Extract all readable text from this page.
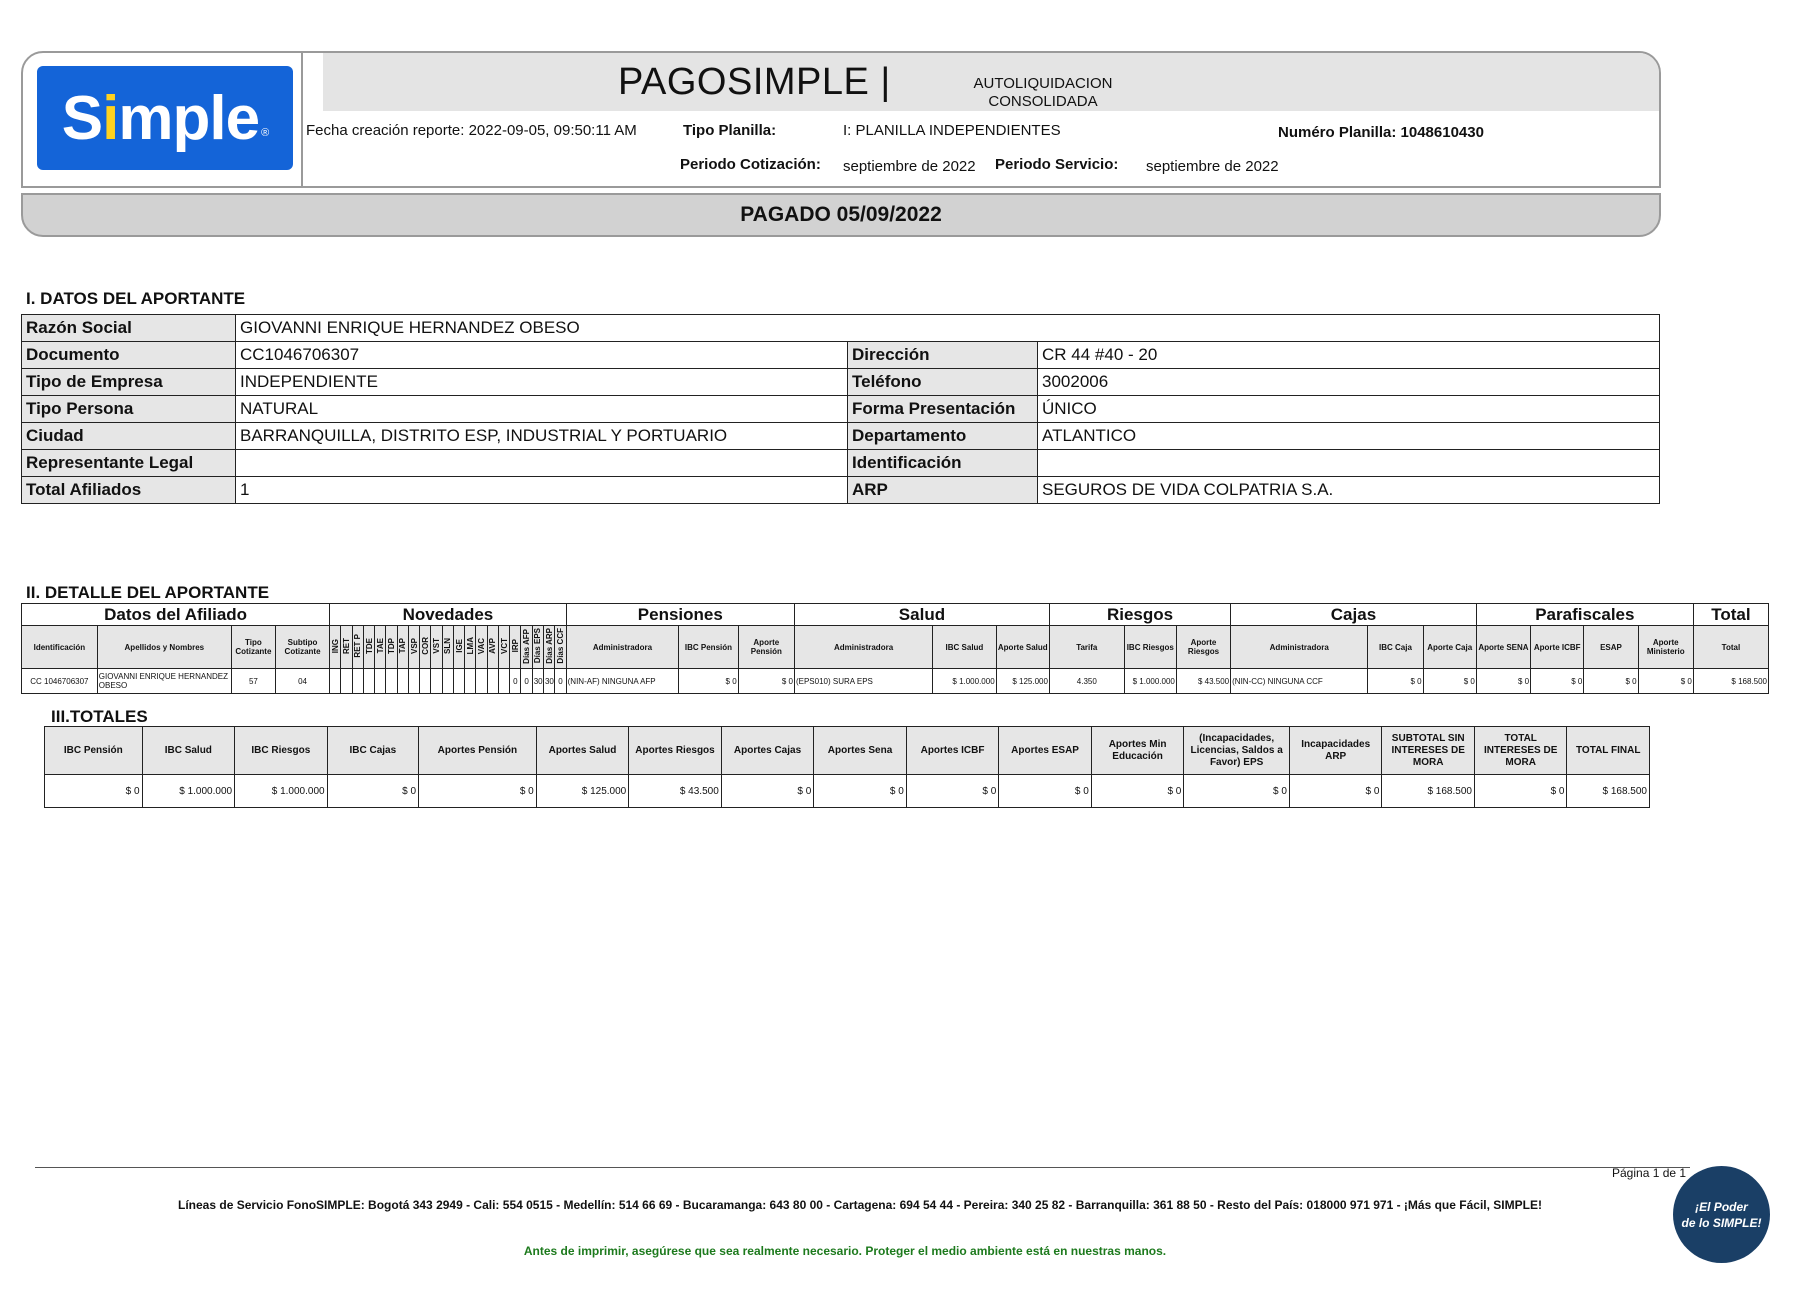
S i mple$_®$
PAGOSIMPLE |	AUTOLIQUIDACION
CONSOLIDADA
Fecha creación reporte: 2022-09-05, 09:50:11 AM	Tipo Planilla:	I: PLANILLA INDEPENDIENTES	Numéro Planilla: 1048610430
Periodo Cotización: septiembre de 2022 Periodo Servicio: septiembre de 2022
PAGADO 05/09/2022
I. DATOS DEL APORTANTE
Razón Social	GIOVANNI ENRIQUE HERNANDEZ OBESO		
Documento	CC1046706307	Dirección	CR 44 #40 - 20
Tipo de Empresa	INDEPENDIENTE	Teléfono	3002006
Tipo Persona	NATURAL	Forma Presentación	ÚNICO
Ciudad	BARRANQUILLA, DISTRITO ESP, INDUSTRIAL Y PORTUARIO	Departamento	ATLANTICO
Representante Legal		Identificación	
Total Afiliados	1	ARP	SEGUROS DE VIDA COLPATRIA S.A.
II. DETALLE DEL APORTANTE
Datos del Afiliado				Novedades																					Pensiones			Salud			Riesgos			Cajas			Parafiscales				Total
Identificación	Apellidos y Nombres	Tipo Cotizante	Subtipo Cotizante	ING	RET	RET P	TDE	TAE	TDP	TAP	VSP	COR	VST	SLN	IGE	LMA	VAC	AVP	VCT	IRP	Días AFP	Días EPS	Días ARP	Días CCF	Administradora	IBC Pensión	Aporte Pensión	Administradora	IBC Salud	Aporte Salud	Tarifa	IBC Riesgos	Aporte Riesgos	Administradora	IBC Caja	Aporte Caja	Aporte SENA	Aporte ICBF	ESAP	Aporte Ministerio	Total
CC 1046706307	GIOVANNI ENRIQUE HERNANDEZ OBESO	57	04																	0	0	30	30	0	(NIN-AF) NINGUNA AFP	$ 0	$ 0	(EPS010) SURA EPS	$ 1.000.000	$ 125.000	4.350	$ 1.000.000	$ 43.500	(NIN-CC) NINGUNA CCF	$ 0	$ 0	$ 0	$ 0	$ 0	$ 0	$ 168.500
III.TOTALES
IBC Pensión	IBC Salud	IBC Riesgos	IBC Cajas	Aportes Pensión	Aportes Salud	Aportes Riesgos	Aportes Cajas	Aportes Sena	Aportes ICBF	Aportes ESAP	Aportes Min Educación	(Incapacidades, Licencias, Saldos a Favor) EPS	Incapacidades ARP	SUBTOTAL SIN INTERESES DE MORA	TOTAL INTERESES DE MORA	TOTAL FINAL
$ 0	$ 1.000.000	$ 1.000.000	$ 0	$ 0	$ 125.000	$ 43.500	$ 0	$ 0	$ 0	$ 0	$ 0	$ 0	$ 0	$ 168.500	$ 0	$ 168.500
Página 1 de 1
Líneas de Servicio FonoSIMPLE: Bogotá 343 2949 - Cali: 554 0515 - Medellín: 514 66 69 - Bucaramanga: 643 80 00 - Cartagena: 694 54 44 - Pereira: 340 25 82 - Barranquilla: 361 88 50 - Resto del País: 018000 971 971 - ¡Más que Fácil, SIMPLE!
Antes de imprimir, asegúrese que sea realmente necesario. Proteger el medio ambiente está en nuestras manos.
¡El Poder
de lo SIMPLE!
